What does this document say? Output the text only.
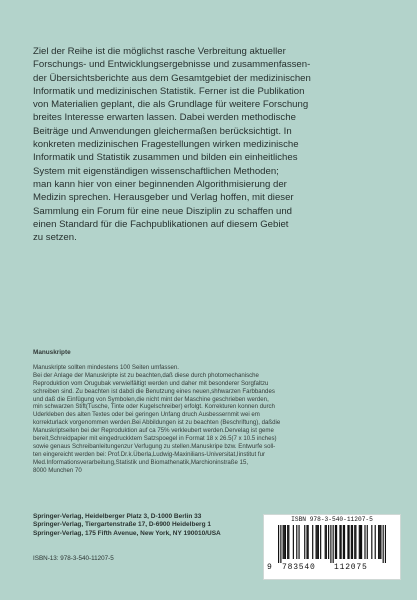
Ziel der Reihe ist die möglichst rasche Verbreitung aktueller
Forschungs- und Entwicklungsergebnisse und zusammenfassen-
der Übersichtsberichte aus dem Gesamtgebiet der medizinischen
Informatik und medizinischen Statistik. Ferner ist die Publikation
von Materialien geplant, die als Grundlage für weitere Forschung
breites Interesse erwarten lassen. Dabei werden methodische
Beiträge und Anwendungen gleichermaßen berücksichtigt. In
konkreten medizinischen Fragestellungen wirken medizinische
Informatik und Statistik zusammen und bilden ein einheitliches
System mit eigenständigen wissenschaftlichen Methoden;
man kann hier von einer beginnenden Algorithmisierung der
Medizin sprechen. Herausgeber und Verlag hoffen, mit dieser
Sammlung ein Forum für eine neue Disziplin zu schaffen und
einen Standard für die Fachpublikationen auf diesem Gebiet
zu setzen.
Manuskripte
Manuskripte sollten mindestens 100 Seiten umfassen.
Bei der Anlage der Manuskripte ist zu beachten,daß diese durch photomechanische
Reproduktion vom Orugubak verwielfältigt werden und daher mit besonderer Sorgfaltzu
schreiben sind. Zu beachten ist dabdi die Benutzung eines neuen,shhwarzen Farbbandes
und daß die Einfügung von Symbolen,die nicht mint der Maschine geschrieben werden,
min schwarzen Stift(Tusche, Tinte oder Kugelschreiber) erfolgt. Korrekturen konnen durch
Uderkleben des alten Textes oder bei geringen Unfang druch Ausbessernmit wei em
korrekturlack vorgenommen werden.Bei Abbildungen ist zu beachten (Beschriftung), daßdie
Manuskriptseiten bei der Reproduktion auf ca 75% verkleubert werden.Dervelag ist geme
bereit,Schreidpapier mit eingedruckktem Satzspoegel in Format 18 x 26.5(7 x 10.5 inches)
sowie genaus Schreibanleitungenzur Verfugung zu stellen.Manuskripe bzw. Entwurfe soll-
ten eingereicht werden bei: Prof.Dr.k.Überla,Ludwig-Maxinilians-Universitat,Iinstitut fur
Med.Informationsverarbeitung,Statistik und Biomathenatik,Marchioninstraße 15,
8000 Munchen 70
Springer-Verlag, Heidelberger Platz 3, D-1000 Berlin 33
Springer-Verlag, Tiergartenstraße 17, D-6900 Heidelberg 1
Springer-Verlag, 175 Fifth Avenue, New York, NY 190010/USA
ISBN-13: 978-3-540-11207-5
ISBN 978-3-540-11207-5
9 783540	112075
